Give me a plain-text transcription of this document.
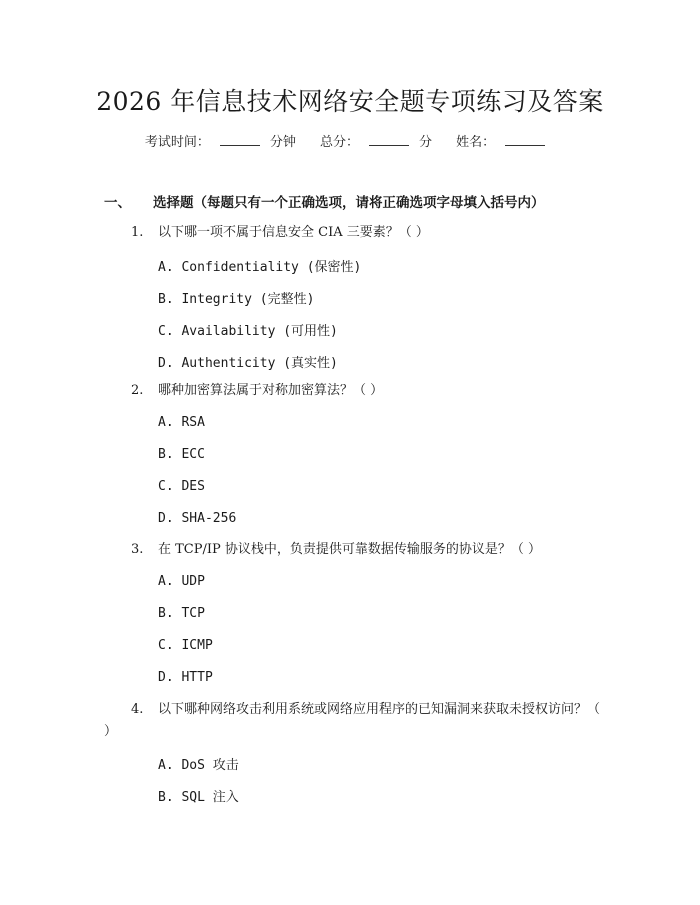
2026 年信息技术网络安全题专项练习及答案
考试时间：	分钟 总分：	分 姓名：
一、 选择题（每题只有一个正确选项，请将正确选项字母填入括号内）
1. 以下哪一项不属于信息安全 CIA 三要素？（ ）
A. Confidentiality (保密性)
B. Integrity (完整性)
C. Availability (可用性)
D. Authenticity (真实性)
2. 哪种加密算法属于对称加密算法？（ ）
A. RSA
B. ECC
C. DES
D. SHA-256
3. 在 TCP/IP 协议栈中，负责提供可靠数据传输服务的协议是？（ ）
A. UDP
B. TCP
C. ICMP
D. HTTP
4. 以下哪种网络攻击利用系统或网络应用程序的已知漏洞来获取未授权访问？（ ）
A. DoS 攻击
B. SQL 注入
